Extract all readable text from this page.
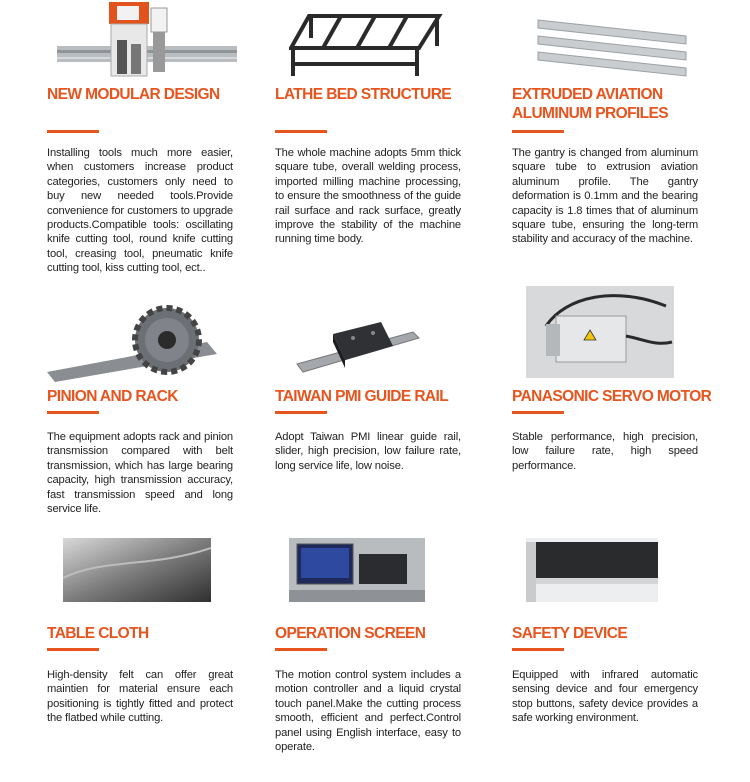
NEW MODULAR DESIGN
Installing tools much more easier, when customers increase product categories, customers only need to buy new needed tools.Provide convenience for customers to upgrade products.Compatible tools: oscillating knife cutting tool, round knife cutting tool, creasing tool, pneumatic knife cutting tool, kiss cutting tool, ect..
LATHE BED STRUCTURE
The whole machine adopts 5mm thick square tube, overall welding process, imported milling machine processing, to ensure the smoothness of the guide rail surface and rack surface, greatly improve the stability of the machine running time body.
EXTRUDED AVIATION ALUMINUM PROFILES
The gantry is changed from aluminum square tube to extrusion aviation aluminum profile. The gantry deformation is 0.1mm and the bearing capacity is 1.8 times that of aluminum square tube, ensuring the long-term stability and accuracy of the machine.
PINION AND RACK
The equipment adopts rack and pinion transmission compared with belt transmission, which has large bearing capacity, high transmission accuracy, fast transmission speed and long service life.
TAIWAN PMI GUIDE RAIL
Adopt Taiwan PMI linear guide rail, slider, high precision, low failure rate, long service life, low noise.
PANASONIC SERVO MOTOR
Stable performance, high precision, low failure rate, high speed performance.
TABLE CLOTH
High-density felt can offer great maintien for material ensure each positioning is tightly fitted and protect the flatbed while cutting.
OPERATION SCREEN
The motion control system includes a motion controller and a liquid crystal touch panel.Make the cutting process smooth, efficient and perfect.Control panel using English interface, easy to operate.
SAFETY DEVICE
Equipped with infrared automatic sensing device and four emergency stop buttons, safety device provides a safe working environment.
